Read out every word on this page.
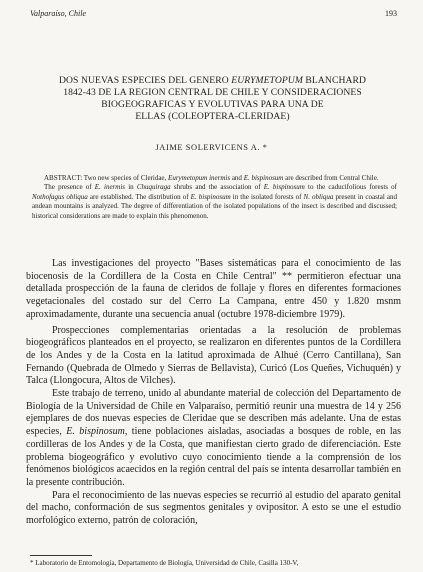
Valparaíso, Chile	193
DOS NUEVAS ESPECIES DEL GENERO EURYMETOPUM BLANCHARD
1842-43 DE LA REGION CENTRAL DE CHILE Y CONSIDERACIONES
BIOGEOGRAFICAS Y EVOLUTIVAS PARA UNA DE
ELLAS (COLEOPTERA-CLERIDAE)
JAIME SOLERVICENS A. *

ABSTRACT: Two new species of Cleridae, Eurymetopum inermis and E. bispinosum are described from Central Chile.

The presence of E. inermis in Chuquiraga shrubs and the association of E. bispinosum to the caducifolious forests of Nothofagus obliqua are established. The distribution of E. bispinosum in the isolated forests of N. obliqua present in coastal and andean mountains is analyzed. The degree of differentiation of the isolated populations of the insect is described and discussed; historical considerations are made to explain this phenomenon.

Las investigaciones del proyecto "Bases sistemáticas para el conocimiento de las biocenosis de la Cordillera de la Costa en Chile Central" ** permitieron efectuar una detallada prospección de la fauna de cleridos de follaje y flores en diferentes formaciones vegetacionales del costado sur del Cerro La Campana, entre 450 y 1.820 msnm aproximadamente, durante una secuencia anual (octubre 1978-diciembre 1979).

Prospecciones complementarias orientadas a la resolución de problemas biogeográficos planteados en el proyecto, se realizaron en diferentes puntos de la Cordillera de los Andes y de la Costa en la latitud aproximada de Alhué (Cerro Cantillana), San Fernando (Quebrada de Olmedo y Sierras de Bellavista), Curicó (Los Queñes, Vichuquén) y Talca (Llongocura, Altos de Vilches).

Este trabajo de terreno, unido al abundante material de colección del Departamento de Biología de la Universidad de Chile en Valparaíso, permitió reunir una muestra de 14 y 256 ejemplares de dos nuevas especies de Cleridae que se describen más adelante. Una de estas especies, E. bispinosum, tiene poblaciones aisladas, asociadas a bosques de roble, en las cordilleras de los Andes y de la Costa, que manifiestan cierto grado de diferenciación. Este problema biogeográfico y evolutivo cuyo conocimiento tiende a la comprensión de los fenómenos biológicos acaecidos en la región central del país se intenta desarrollar también en la presente contribución.

Para el reconocimiento de las nuevas especies se recurrió al estudio del aparato genital del macho, conformación de sus segmentos genitales y ovipositor. A esto se une el estudio morfológico externo, patrón de coloración,

* Laboratorio de Entomología, Departamento de Biología, Universidad de Chile, Casilla 130-V,
